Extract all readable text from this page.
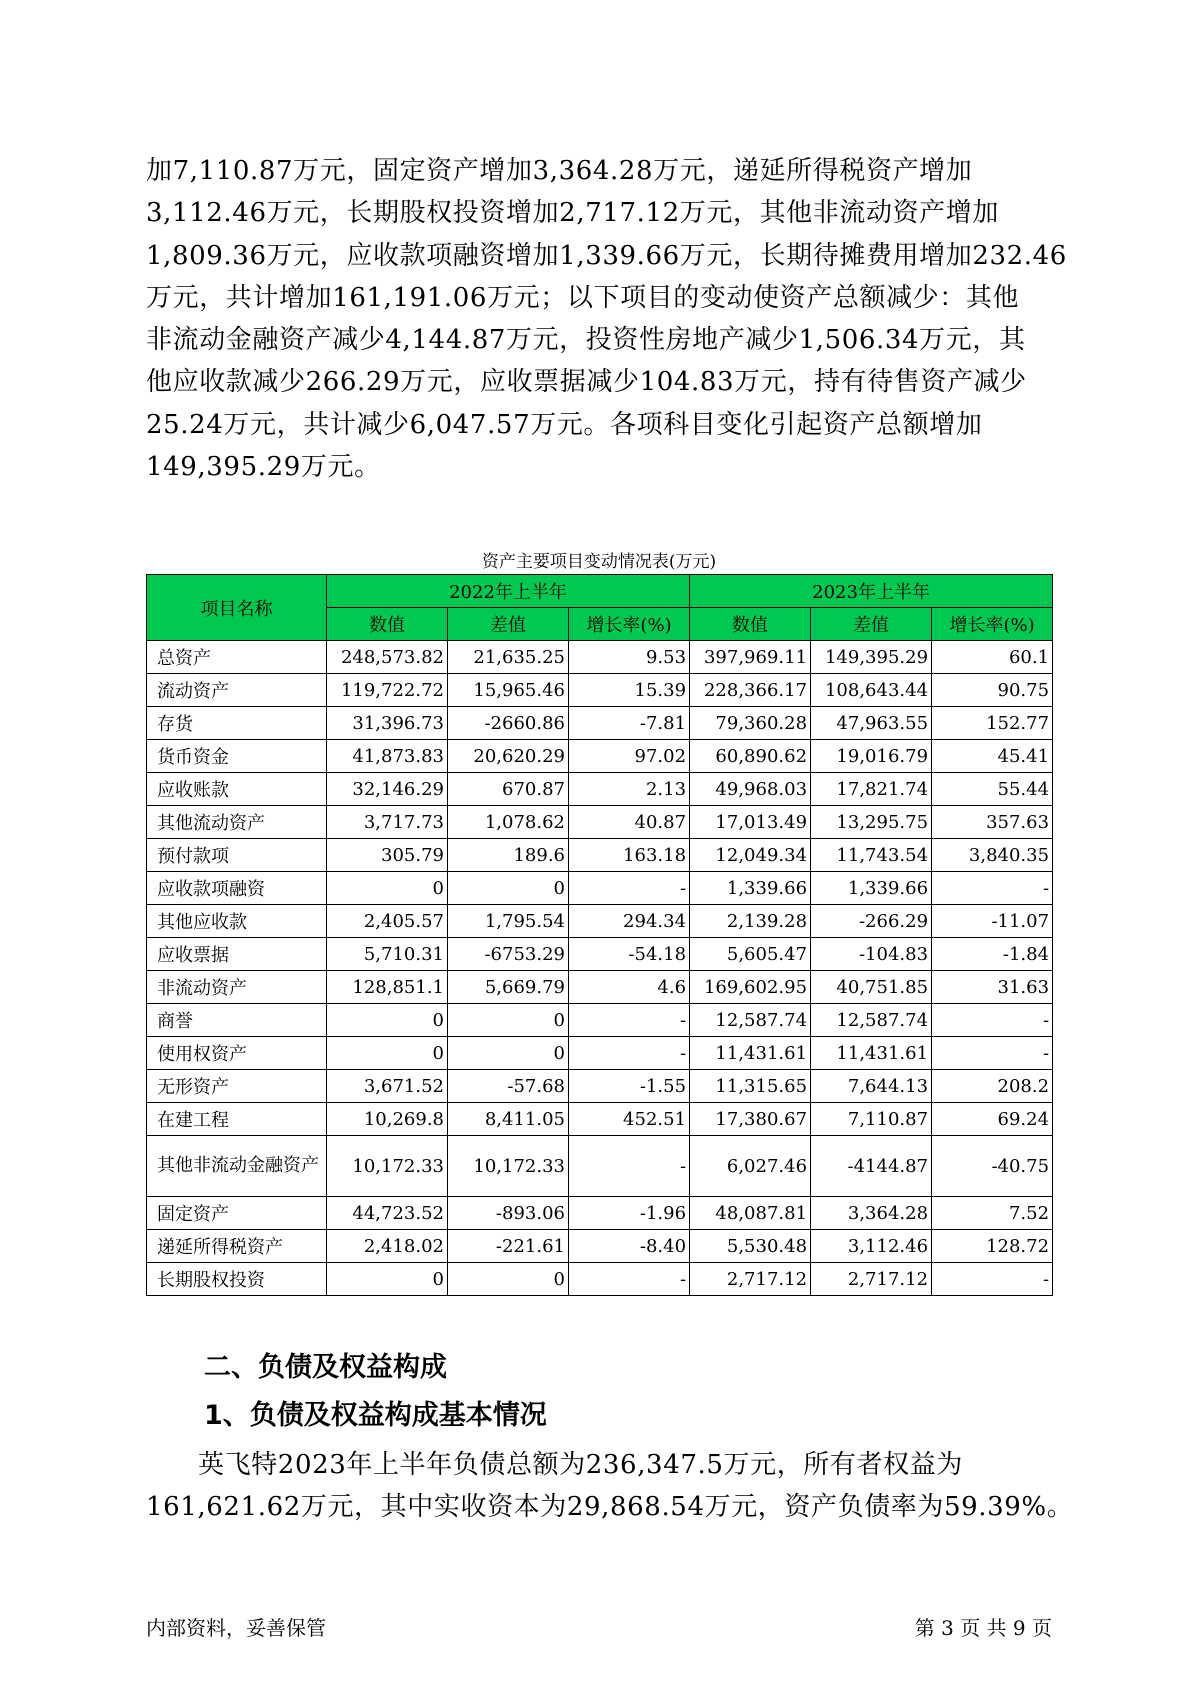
加7,110.87万元，固定资产增加3,364.28万元，递延所得税资产增加
3,112.46万元，长期股权投资增加2,717.12万元，其他非流动资产增加
1,809.36万元，应收款项融资增加1,339.66万元，长期待摊费用增加232.46
万元，共计增加161,191.06万元；以下项目的变动使资产总额减少：其他
非流动金融资产减少4,144.87万元，投资性房地产减少1,506.34万元，其
他应收款减少266.29万元，应收票据减少104.83万元，持有待售资产减少
25.24万元，共计减少6,047.57万元。各项科目变化引起资产总额增加
149,395.29万元。
资产主要项目变动情况表(万元)
项目名称	2022年上半年			2023年上半年		
	数值	差值	增长率(%)	数值	差值	增长率(%)
总资产	248,573.82	21,635.25	9.53	397,969.11	149,395.29	60.1
流动资产	119,722.72	15,965.46	15.39	228,366.17	108,643.44	90.75
存货	31,396.73	-2660.86	-7.81	79,360.28	47,963.55	152.77
货币资金	41,873.83	20,620.29	97.02	60,890.62	19,016.79	45.41
应收账款	32,146.29	670.87	2.13	49,968.03	17,821.74	55.44
其他流动资产	3,717.73	1,078.62	40.87	17,013.49	13,295.75	357.63
预付款项	305.79	189.6	163.18	12,049.34	11,743.54	3,840.35
应收款项融资	0	0	-	1,339.66	1,339.66	-
其他应收款	2,405.57	1,795.54	294.34	2,139.28	-266.29	-11.07
应收票据	5,710.31	-6753.29	-54.18	5,605.47	-104.83	-1.84
非流动资产	128,851.1	5,669.79	4.6	169,602.95	40,751.85	31.63
商誉	0	0	-	12,587.74	12,587.74	-
使用权资产	0	0	-	11,431.61	11,431.61	-
无形资产	3,671.52	-57.68	-1.55	11,315.65	7,644.13	208.2
在建工程	10,269.8	8,411.05	452.51	17,380.67	7,110.87	69.24
其他非流动金融资产	10,172.33	10,172.33	-	6,027.46	-4144.87	-40.75
固定资产	44,723.52	-893.06	-1.96	48,087.81	3,364.28	7.52
递延所得税资产	2,418.02	-221.61	-8.40	5,530.48	3,112.46	128.72
长期股权投资	0	0	-	2,717.12	2,717.12	-
二、负债及权益构成
1、负债及权益构成基本情况
英飞特2023年上半年负债总额为236,347.5万元，所有者权益为
161,621.62万元，其中实收资本为29,868.54万元，资产负债率为59.39%。
内部资料，妥善保管	第 3 页 共 9 页
